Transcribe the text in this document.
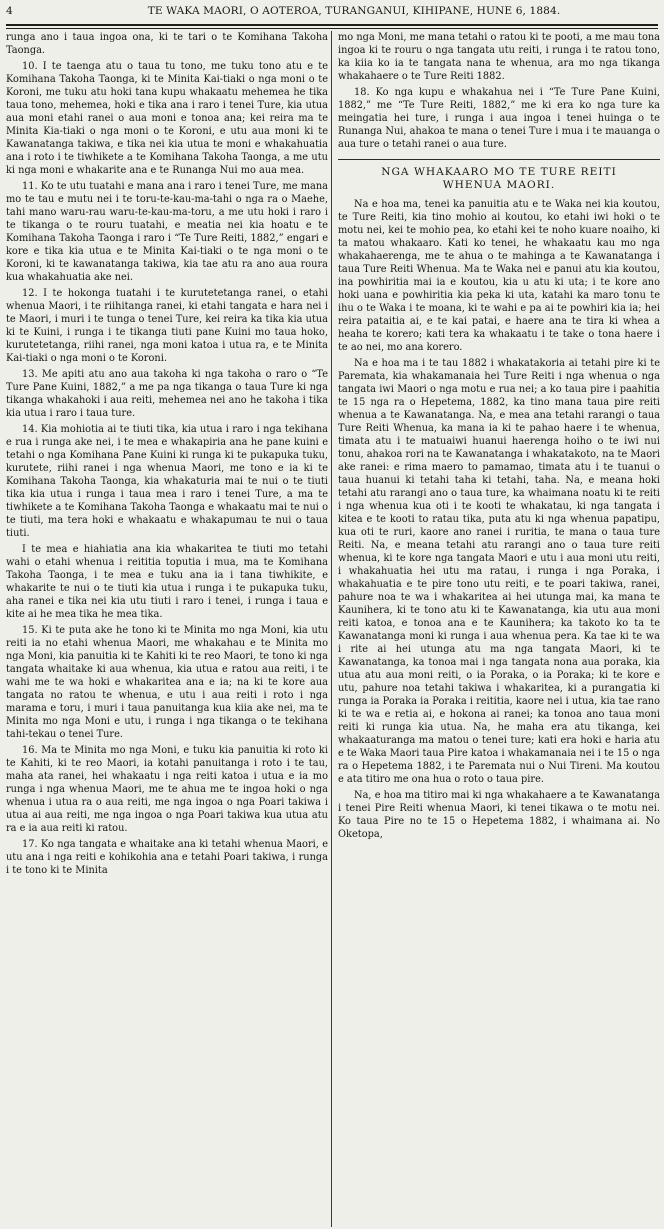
4	TE WAKA MAORI, O AOTEROA, TURANGANUI, KIHIPANE, HUNE 6, 1884.

runga ano i taua ingoa ona, ki te tari o te Komihana Takoha Taonga.

10. I te taenga atu o taua tu tono, me tuku tono atu e te Komihana Takoha Taonga, ki te Minita Kai-tiaki o nga moni o te Koroni, me tuku atu hoki tana kupu whakaatu mehemea he tika taua tono, mehemea, hoki e tika ana i raro i tenei Ture, kia utua aua moni etahi ranei o aua moni e tonoa ana; kei reira ma te Minita Kia-tiaki o nga moni o te Koroni, e utu aua moni ki te Kawanatanga takiwa, e tika nei kia utua te moni e whakahuatia ana i roto i te tiwhikete a te Komihana Takoha Taonga, a me utu ki nga moni e whakarite ana e te Runanga Nui mo aua mea.

11. Ko te utu tuatahi e mana ana i raro i tenei Ture, me mana mo te tau e mutu nei i te toru-te-kau-ma-tahi o nga ra o Maehe, tahi mano waru-rau waru-te-kau-ma-toru, a me utu hoki i raro i te tikanga o te rouru tuatahi, e meatia nei kia hoatu e te Komihana Takoha Taonga i raro i “Te Ture Reiti, 1882,” engari e kore e tika kia utua e te Minita Kai-tiaki o te nga moni o te Koroni, ki te kawanatanga takiwa, kia tae atu ra ano aua roura kua whakahuatia ake nei.

12. I te hokonga tuatahi i te kurutetetanga ranei, o etahi whenua Maori, i te riihitanga ranei, ki etahi tangata e hara nei i te Maori, i muri i te tunga o tenei Ture, kei reira ka tika kia utua ki te Kuini, i runga i te tikanga tiuti pane Kuini mo taua hoko, kurutetetanga, riihi ranei, nga moni katoa i utua ra, e te Minita Kai-tiaki o nga moni o te Koroni.

13. Me apiti atu ano aua takoha ki nga takoha o raro o “Te Ture Pane Kuini, 1882,” a me pa nga tikanga o taua Ture ki nga tikanga whakahoki i aua reiti, mehemea nei ano he takoha i tika kia utua i raro i taua ture.

14. Kia mohiotia ai te tiuti tika, kia utua i raro i nga tekihana e rua i runga ake nei, i te mea e whakapiria ana he pane kuini e tetahi o nga Komihana Pane Kuini ki runga ki te pukapuka tuku, kurutete, riihi ranei i nga whenua Maori, me tono e ia ki te Komihana Takoha Taonga, kia whakaturia mai te nui o te tiuti tika kia utua i runga i taua mea i raro i tenei Ture, a ma te tiwhikete a te Komihana Takoha Taonga e whakaatu mai te nui o te tiuti, ma tera hoki e whakaatu e whakapumau te nui o taua tiuti.

I te mea e hiahiatia ana kia whakaritea te tiuti mo tetahi wahi o etahi whenua i reititia toputia i mua, ma te Komihana Takoha Taonga, i te mea e tuku ana ia i tana tiwhikite, e whakarite te nui o te tiuti kia utua i runga i te pukapuka tuku, aha ranei e tika nei kia utu tiuti i raro i tenei, i runga i taua e kite ai he mea tika he mea tika.

15. Ki te puta ake he tono ki te Minita mo nga Moni, kia utu reiti ia no etahi whenua Maori, me whakahau e te Minita mo nga Moni, kia panuitia ki te Kahiti ki te reo Maori, te tono ki nga tangata whaitake ki aua whenua, kia utua e ratou aua reiti, i te wahi me te wa hoki e whakaritea ana e ia; na ki te kore aua tangata no ratou te whenua, e utu i aua reiti i roto i nga marama e toru, i muri i taua panuitanga kua kiia ake nei, ma te Minita mo nga Moni e utu, i runga i nga tikanga o te tekihana tahi-tekau o tenei Ture.

16. Ma te Minita mo nga Moni, e tuku kia panuitia ki roto ki te Kahiti, ki te reo Maori, ia kotahi panuitanga i roto i te tau, maha ata ranei, hei whakaatu i nga reiti katoa i utua e ia mo runga i nga whenua Maori, me te ahua me te ingoa hoki o nga whenua i utua ra o aua reiti, me nga ingoa o nga Poari takiwa i utua ai aua reiti, me nga ingoa o nga Poari takiwa kua utua atu ra e ia aua reiti ki ratou.

17. Ko nga tangata e whaitake ana ki tetahi whenua Maori, e utu ana i nga reiti e kohikohia ana e tetahi Poari takiwa, i runga i te tono ki te Minita

mo nga Moni, me mana tetahi o ratou ki te pooti, a me mau tona ingoa ki te rouru o nga tangata utu reiti, i runga i te ratou tono, ka kiia ko ia te tangata nana te whenua, ara mo nga tikanga whakahaere o te Ture Reiti 1882.

18. Ko nga kupu e whakahua nei i “Te Ture Pane Kuini, 1882,” me “Te Ture Reiti, 1882,” me ki era ko nga ture ka meingatia hei ture, i runga i aua ingoa i tenei huinga o te Runanga Nui, ahakoa te mana o tenei Ture i mua i te mauanga o aua ture o tetahi ranei o aua ture.

NGA WHAKAARO MO TE TURE REITI
WHENUA MAORI.

Na e hoa ma, tenei ka panuitia atu e te Waka nei kia koutou, te Ture Reiti, kia tino mohio ai koutou, ko etahi iwi hoki o te motu nei, kei te mohio pea, ko etahi kei te noho kuare noaiho, ki ta matou whakaaro. Kati ko tenei, he whakaatu kau mo nga whakahaerenga, me te ahua o te mahinga a te Kawanatanga i taua Ture Reiti Whenua. Ma te Waka nei e panui atu kia koutou, ina powhiritia mai ia e koutou, kia u atu ki uta; i te kore ano hoki uana e powhiritia kia peka ki uta, katahi ka maro tonu te ihu o te Waka i te moana, ki te wahi e pa ai te powhiri kia ia; hei reira pataitia ai, e te kai patai, e haere ana te tira ki whea a heaha te korero; kati tera ka whakaatu i te take o tona haere i te ao nei, mo ana korero.

Na e hoa ma i te tau 1882 i whakatakoria ai tetahi pire ki te Paremata, kia whakamanaia hei Ture Reiti i nga whenua o nga tangata iwi Maori o nga motu e rua nei; a ko taua pire i paahitia te 15 nga ra o Hepetema, 1882, ka tino mana taua pire reiti whenua a te Kawanatanga. Na, e mea ana tetahi rarangi o taua Ture Reiti Whenua, ka mana ia ki te pahao haere i te whenua, timata atu i te matuaiwi huanui haerenga hoiho o te iwi nui tonu, ahakoa rori na te Kawanatanga i whakatakoto, na te Maori ake ranei: e rima maero to pamamao, timata atu i te tuanui o taua huanui ki tetahi taha ki tetahi, taha. Na, e meana hoki tetahi atu rarangi ano o taua ture, ka whaimana noatu ki te reiti i nga whenua kua oti i te kooti te whakatau, ki nga tangata i kitea e te kooti to ratau tika, puta atu ki nga whenua papatipu, kua oti te ruri, kaore ano ranei i ruritia, te mana o taua ture Reiti. Na, e meana tetahi atu rarangi ano o taua ture reiti whenua, ki te kore nga tangata Maori e utu i aua moni utu reiti, i whakahuatia hei utu ma ratau, i runga i nga Poraka, i whakahuatia e te pire tono utu reiti, e te poari takiwa, ranei, pahure noa te wa i whakaritea ai hei utunga mai, ka mana te Kaunihera, ki te tono atu ki te Kawanatanga, kia utu aua moni reiti katoa, e tonoa ana e te Kaunihera; ka takoto ko ta te Kawanatanga moni ki runga i aua whenua pera. Ka tae ki te wa i rite ai hei utunga atu ma nga tangata Maori, ki te Kawanatanga, ka tonoa mai i nga tangata nona aua poraka, kia utua atu aua moni reiti, o ia Poraka, o ia Poraka; ki te kore e utu, pahure noa tetahi takiwa i whakaritea, ki a purangatia ki runga ia Poraka ia Poraka i reititia, kaore nei i utua, kia tae rano ki te wa e retia ai, e hokona ai ranei; ka tonoa ano taua moni reiti ki runga kia utua. Na, he maha era atu tikanga, kei whakaaturanga ma matou o tenei ture; kati era hoki e haria atu e te Waka Maori taua Pire katoa i whakamanaia nei i te 15 o nga ra o Hepetema 1882, i te Paremata nui o Nui Tireni. Ma koutou e ata titiro me ona hua o roto o taua pire.

Na, e hoa ma titiro mai ki nga whakahaere a te Kawanatanga i tenei Pire Reiti whenua Maori, ki tenei tikawa o te motu nei. Ko taua Pire no te 15 o Hepetema 1882, i whaimana ai. No Oketopa,
